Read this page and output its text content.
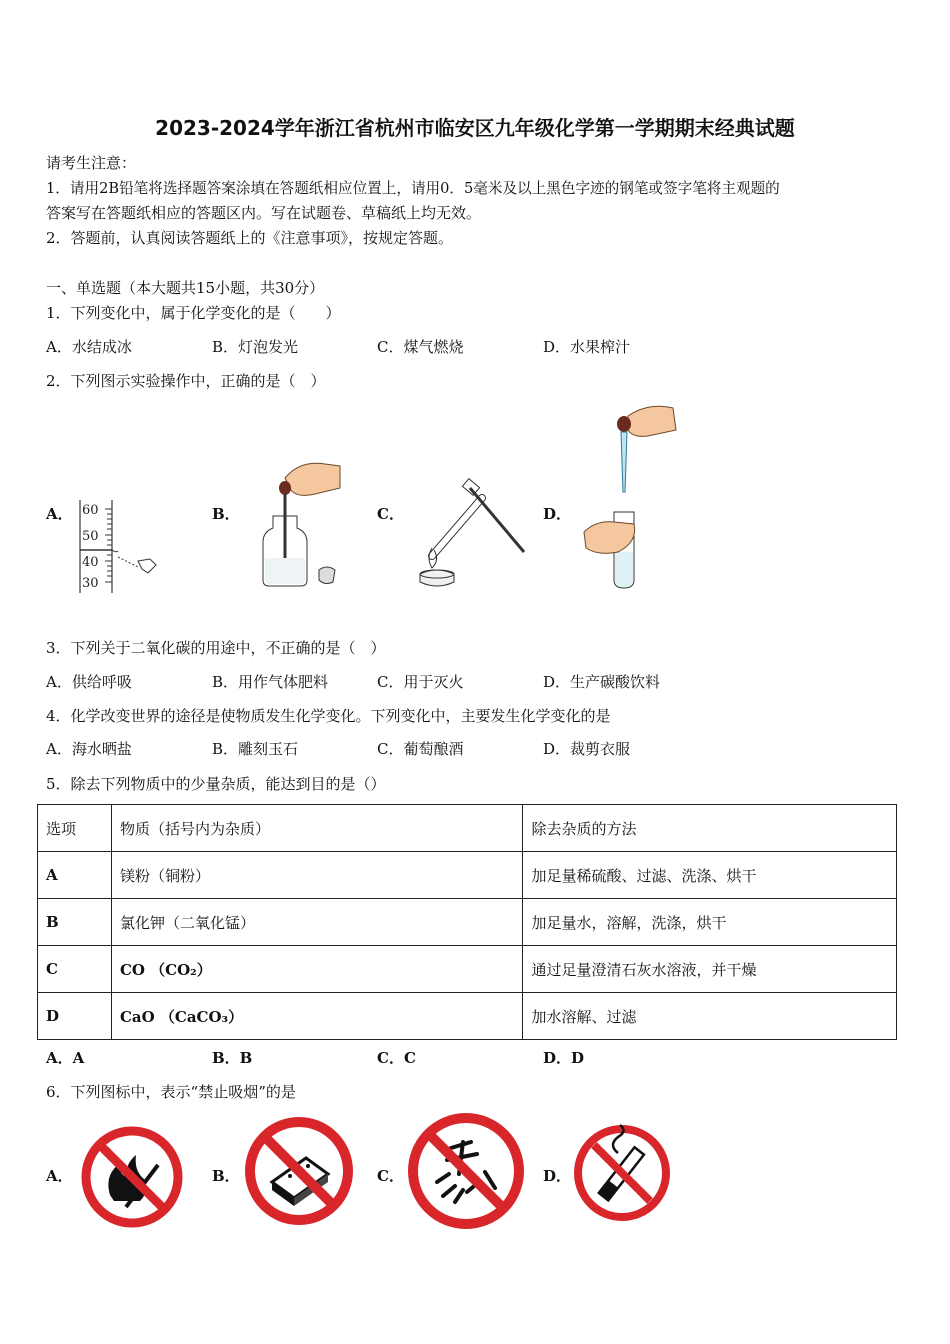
2023-2024学年浙江省杭州市临安区九年级化学第一学期期末经典试题
请考生注意：
1．请用2B铅笔将选择题答案涂填在答题纸相应位置上，请用0．5毫米及以上黑色字迹的钢笔或签字笔将主观题的
答案写在答题纸相应的答题区内。写在试题卷、草稿纸上均无效。
2．答题前，认真阅读答题纸上的《注意事项》，按规定答题。
一、单选题（本大题共15小题，共30分）
1．下列变化中，属于化学变化的是（　　）
A．水结成冰	B．灯泡发光	C．煤气燃烧	D．水果榨汁
2．下列图示实验操作中，正确的是（　）
A． 60
50
40
30
B．	C．	D．
3．下列关于二氧化碳的用途中，不正确的是（　）
A．供给呼吸	B．用作气体肥料	C．用于灭火	D．生产碳酸饮料
4．化学改变世界的途径是使物质发生化学变化。下列变化中，主要发生化学变化的是
A．海水晒盐	B．雕刻玉石	C．葡萄酿酒	D．裁剪衣服
5．除去下列物质中的少量杂质，能达到目的是（）
选项	物质（括号内为杂质）	除去杂质的方法
A	镁粉（铜粉）	加足量稀硫酸、过滤、洗涤、烘干
B	氯化钾（二氧化锰）	加足量水，溶解，洗涤，烘干
C	CO （CO₂）	通过足量澄清石灰水溶液，并干燥
D	CaO （CaCO₃）	加水溶解、过滤
A．A	B．B	C．C	D．D
6．下列图标中，表示“禁止吸烟”的是
A．	B．	C．	D．
